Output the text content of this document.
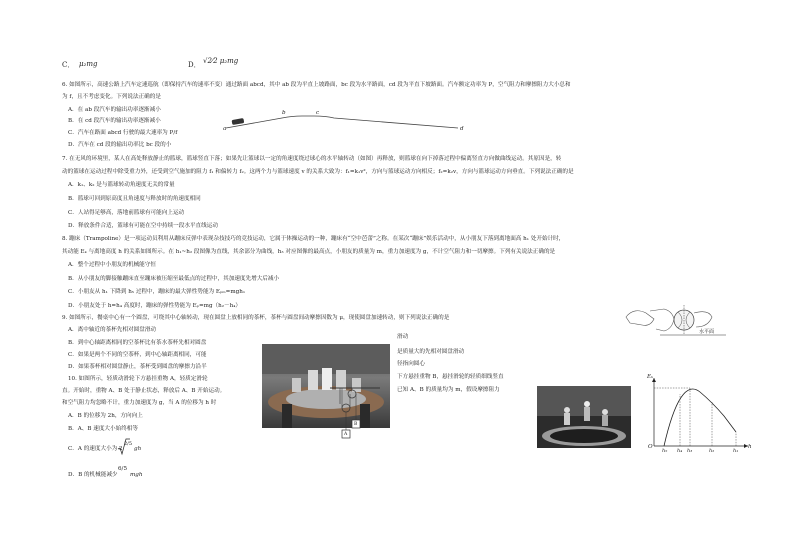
C． μ₂mg	D． √2⁄2 μ₂mg
6. 如图所示，高速公路上汽车定速巡航（即保持汽车的速率不变）通过路面 abcd，其中 ab 段为平直上坡路面，bc 段为水平路面，cd 段为平直下坡路面。汽车额定功率为 P，空气阻力和摩擦阻力大小总和
为 f，且不考虑变化。下列说法正确的是
A．在 ab 段汽车的输出功率逐渐减小
B．在 cd 段汽车的输出功率逐渐减小
C．汽车在路面 abcd 行驶的最大速率为 P/f
D．汽车在 cd 段的输出功率比 bc 段的小
a
b	c
d
7. 在无风的环境里，某人在高处释放静止的篮球，篮球竖直下落；如果先让篮球以一定的角速度绕过球心的水平轴转动（如图）再释放，则篮球在向下掉落过程中偏离竖直方向做曲线运动。其原因是，转
动的篮球在运动过程中除受重力外，还受到空气施加的阻力 f₁ 和偏转力 f₂。这两个力与篮球速度 v 的关系大致为：f₁=k₁v²，方向与篮球运动方向相反；f₂=k₂v，方向与篮球运动方向垂直。下列说法正确的是
A．k₁、k₂ 是与篮球转动角速度无关的常量
B．篮球可回到原高度且角速度与释放时的角速度相同
C．人站得足够高，落地前篮球有可能向上运动
D．释放条件合适，篮球有可能在空中持续一段水平直线运动
8. 蹦床（Trampoline）是一项运动员利用从蹦床反弹中表现杂技技巧的竞技运动，它属于体操运动的一种，蹦床有“空中芭蕾”之称。在某次“蹦床”娱乐活动中，从小朋友下落到离地面高 h₁ 处开始计时，
其动能 Eₖ 与离地高度 h 的关系如图所示。在 h₁~h₂ 段图像为直线，其余部分为曲线，h₃ 对应图像的最高点，小朋友的质量为 m，重力加速度为 g，不计空气阻力和一切摩擦。下列有关说法正确的是
A．整个过程中小朋友的机械能守恒
B．从小朋友的脚接触蹦床直至蹦床被压缩至最低点的过程中，其加速度先增大后减小
C．小朋友从 h₁ 下降到 h₅ 过程中，蹦床的最大弹性势能为 Eₚₘ=mgh₁
D．小朋友处于 h=h₄ 高度时，蹦床的弹性势能为 Eₚ=mg（h₂－h₄）
9. 如图所示，餐桌中心有一个圆盘，可绕其中心轴转动，现在圆盘上放相同的茶杯，茶杯与圆盘间动摩擦因数为 μ，现使圆盘加速转动，则下列说法正确的是
A．离中轴近的茶杯先相对圆盘滑动
B．到中心轴距离相同的空茶杯比有茶水茶杯先相对圆盘
滑动
C．如果是两个不同的空茶杯，到中心轴距离相同，可能	是质量大的先相对圆盘滑动
D．如果茶杯相对圆盘静止，茶杯受到圆盘的摩擦力沿半	径指向圆心
10. 如图所示，轻质动滑轮下方悬挂重物 A，轻质定滑轮	下方悬挂重物 B，悬挂滑轮的轻质细线竖直
直。开始时，重物 A、B 处于静止状态，释放后 A、B 开始运动。	已知 A、B 的质量均为 m，假设摩擦阻力
和空气阻力均忽略不计，重力加速度为 g，当 A 的位移为 h 时
A．B 的位移为 2h，方向向上
B．A、B 速度大小始终相等
C．A 的速度大小为 2
2/5
gh
D．B 的机械能减少
6/5
mgh
水平面
A
B
Eₖ
O	h
h₅ h₄ h₃	h₂	h₁
